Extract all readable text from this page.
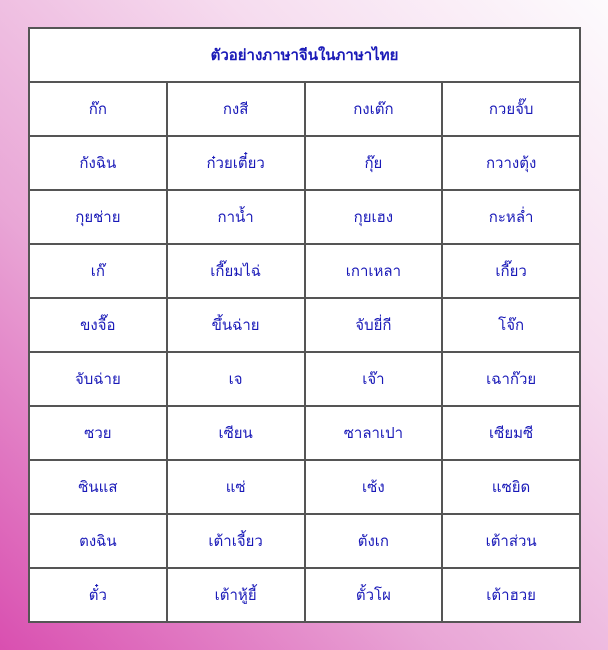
ตัวอย่างภาษาจีนในภาษาไทย			
ก๊ก	กงสี	กงเต๊ก	กวยจั๊บ
กังฉิน	ก๋วยเตี๋ยว	กุ๊ย	กวางตุ้ง
กุยช่าย	กาน้ำ	กุยเฮง	กะหล่ำ
เก๊	เกี๊ยมไฉ่	เกาเหลา	เกี๊ยว
ขงจื๊อ	ขึ้นฉ่าย	จับยี่กี	โจ๊ก
จับฉ่าย	เจ	เจ๊า	เฉาก๊วย
ซวย	เซียน	ซาลาเปา	เซียมซี
ซินแส	แซ่	เซ้ง	แซยิด
ตงฉิน	เต้าเจี้ยว	ตังเก	เต้าส่วน
ตั๋ว	เต้าหู้ยี้	ตั้วโผ	เต้าฮวย
